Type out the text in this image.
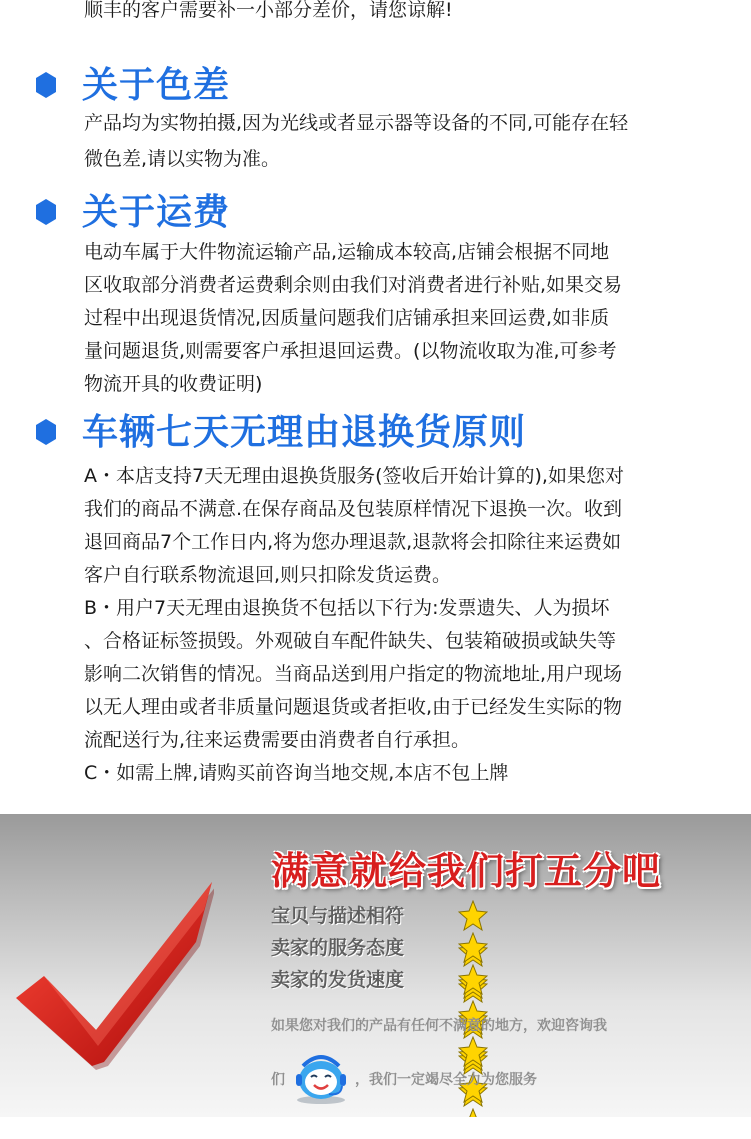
顺丰的客户需要补一小部分差价，请您谅解!
关于色差
产品均为实物拍摄,因为光线或者显示器等设备的不同,可能存在轻
微色差,请以实物为准。
关于运费
电动车属于大件物流运输产品,运输成本较高,店铺会根据不同地
区收取部分消费者运费剩余则由我们对消费者进行补贴,如果交易
过程中出现退货情况,因质量问题我们店铺承担来回运费,如非质
量问题退货,则需要客户承担退回运费。(以物流收取为准,可参考
物流开具的收费证明)
车辆七天无理由退换货原则
A・本店支持7天无理由退换货服务(签收后开始计算的),如果您对
我们的商品不满意.在保存商品及包装原样情况下退换一次。收到
退回商品7个工作日内,将为您办理退款,退款将会扣除往来运费如
客户自行联系物流退回,则只扣除发货运费。
B・用户7天无理由退换货不包括以下行为:发票遗失、人为损坏
、合格证标签损毁。外观破自车配件缺失、包装箱破损或缺失等
影响二次销售的情况。当商品送到用户指定的物流地址,用户现场
以无人理由或者非质量问题退货或者拒收,由于已经发生实际的物
流配送行为,往来运费需要由消费者自行承担。
C・如需上牌,请购买前咨询当地交规,本店不包上牌
满意就给我们打五分吧
宝贝与描述相符
卖家的服务态度
卖家的发货速度
如果您对我们的产品有任何不满意的地方，欢迎咨询我
们	，我们一定竭尽全力为您服务
